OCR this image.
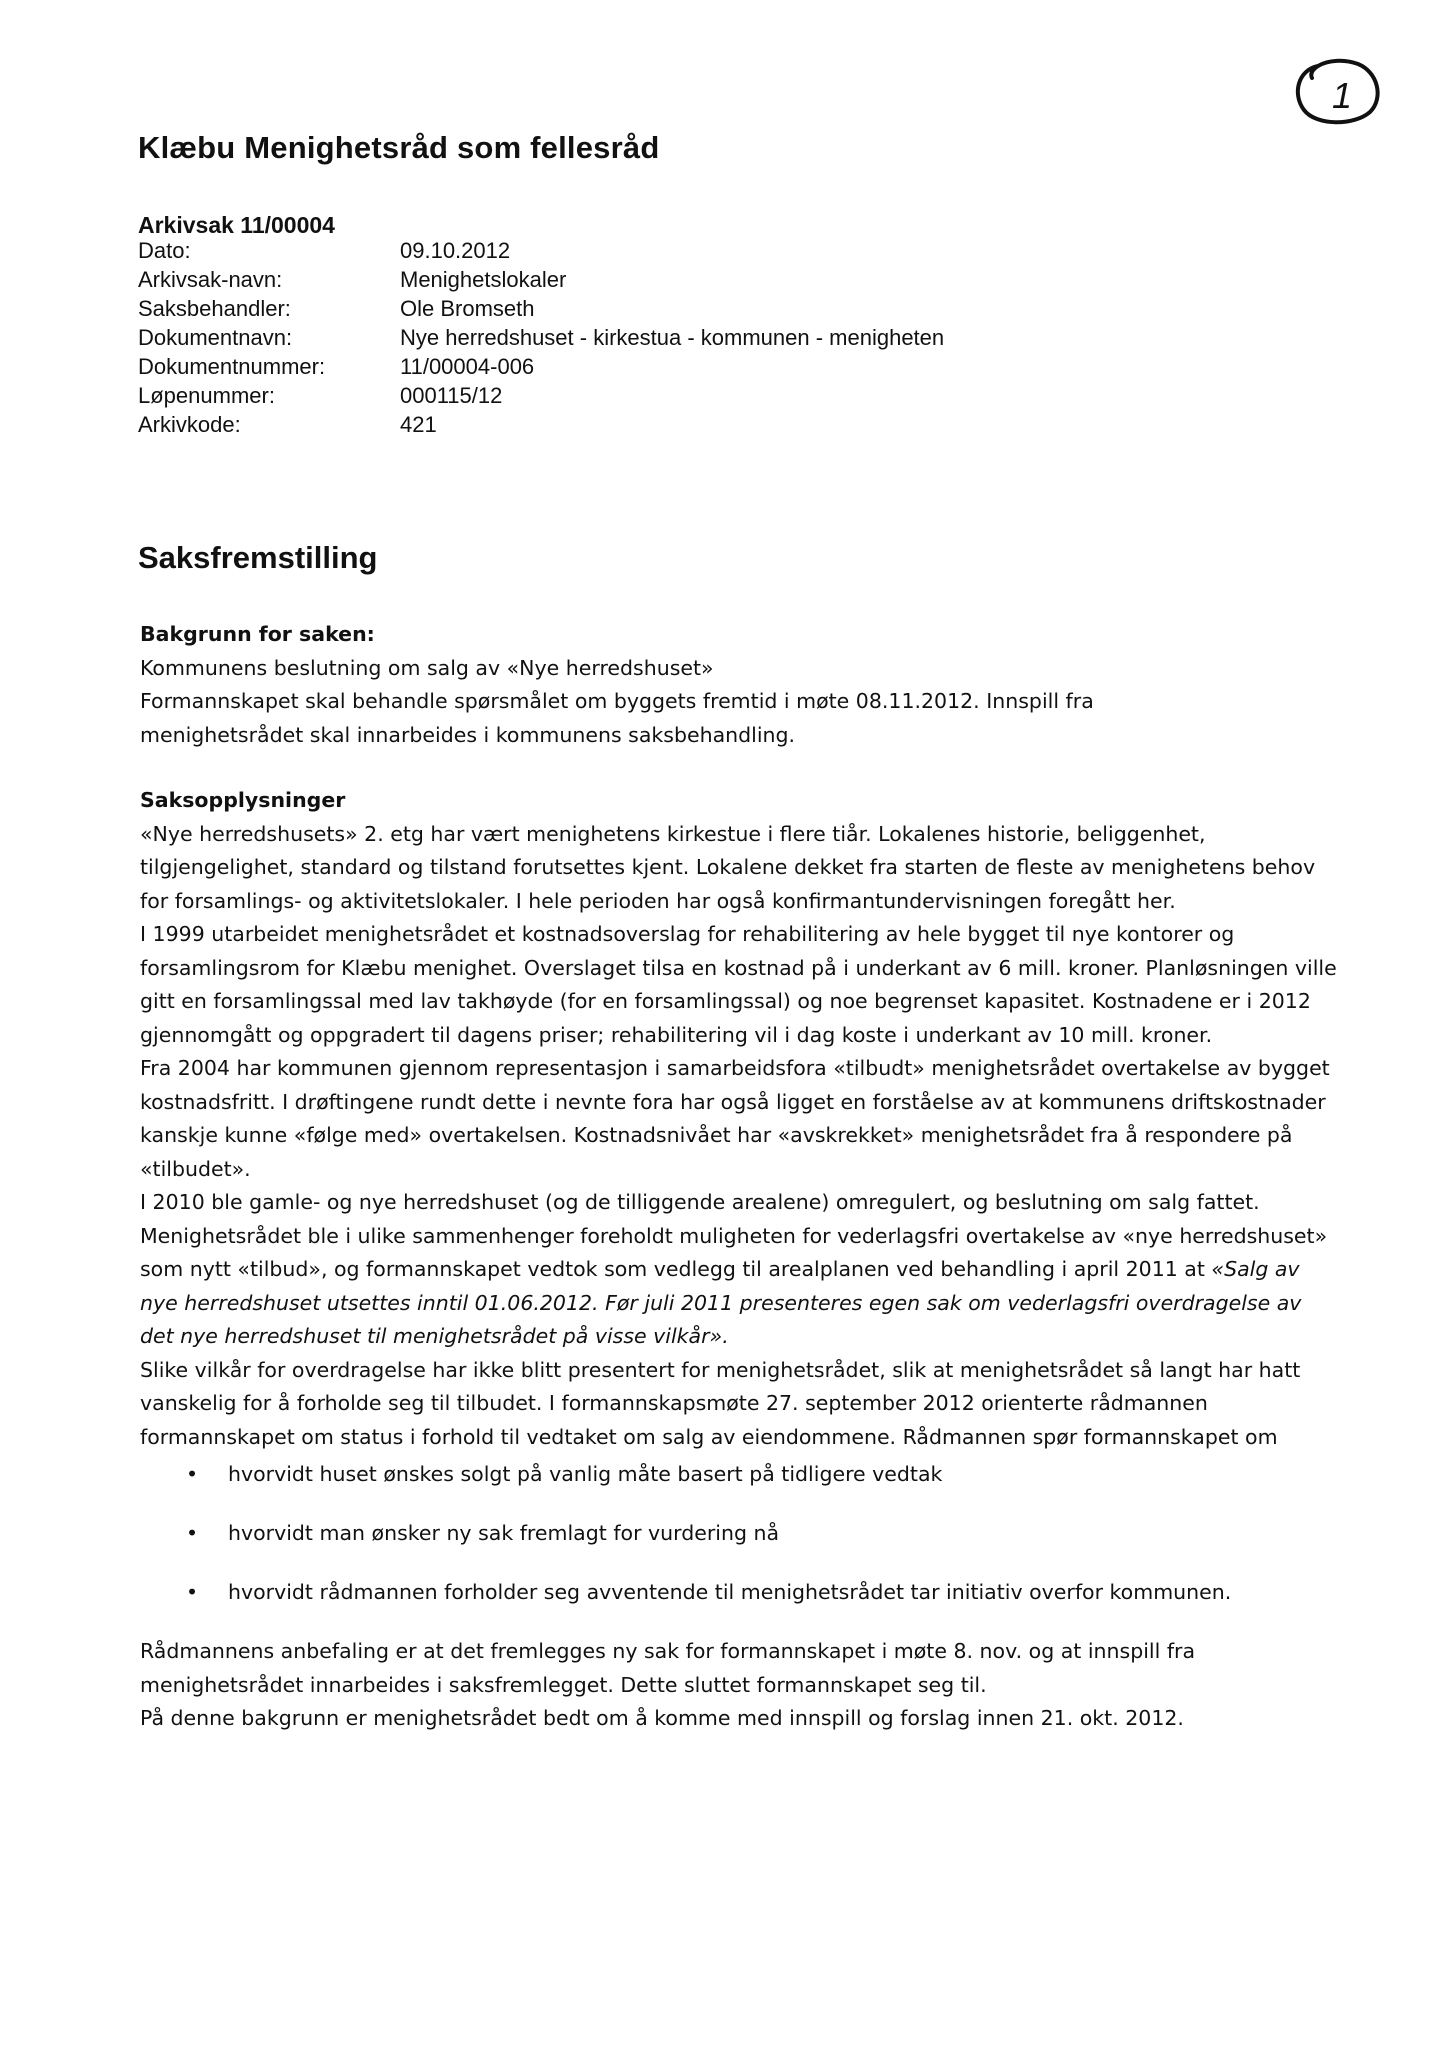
1
Klæbu Menighetsråd som fellesråd
Arkivsak 11/00004
Dato:	09.10.2012
Arkivsak-navn:	Menighetslokaler
Saksbehandler:	Ole Bromseth
Dokumentnavn:	Nye herredshuset - kirkestua - kommunen - menigheten
Dokumentnummer:	11/00004-006
Løpenummer:	000115/12
Arkivkode:	421
Saksfremstilling

Bakgrunn for saken:

Kommunens beslutning om salg av «Nye herredshuset»

Formannskapet skal behandle spørsmålet om byggets fremtid i møte 08.11.2012. Innspill fra

menighetsrådet skal innarbeides i kommunens saksbehandling.

Saksopplysninger

«Nye herredshusets» 2. etg har vært menighetens kirkestue i flere tiår. Lokalenes historie, beliggenhet, tilgjengelighet, standard og tilstand forutsettes kjent. Lokalene dekket fra starten de fleste av menighetens behov for forsamlings- og aktivitetslokaler. I hele perioden har også konfirmantundervisningen foregått her.

I 1999 utarbeidet menighetsrådet et kostnadsoverslag for rehabilitering av hele bygget til nye kontorer og forsamlingsrom for Klæbu menighet. Overslaget tilsa en kostnad på i underkant av 6 mill. kroner. Planløsningen ville gitt en forsamlingssal med lav takhøyde (for en forsamlingssal) og noe begrenset kapasitet. Kostnadene er i 2012 gjennomgått og oppgradert til dagens priser; rehabilitering vil i dag koste i underkant av 10 mill. kroner.

Fra 2004 har kommunen gjennom representasjon i samarbeidsfora «tilbudt» menighetsrådet overtakelse av bygget kostnadsfritt. I drøftingene rundt dette i nevnte fora har også ligget en forståelse av at kommunens driftskostnader kanskje kunne «følge med» overtakelsen. Kostnadsnivået har «avskrekket» menighetsrådet fra å respondere på «tilbudet».

I 2010 ble gamle- og nye herredshuset (og de tilliggende arealene) omregulert, og beslutning om salg fattet.

Menighetsrådet ble i ulike sammenhenger foreholdt muligheten for vederlagsfri overtakelse av «nye herredshuset» som nytt «tilbud», og formannskapet vedtok som vedlegg til arealplanen ved behandling i april 2011 at «Salg av nye herredshuset utsettes inntil 01.06.2012. Før juli 2011 presenteres egen sak om vederlagsfri overdragelse av det nye herredshuset til menighetsrådet på visse vilkår».

Slike vilkår for overdragelse har ikke blitt presentert for menighetsrådet, slik at menighetsrådet så langt har hatt vanskelig for å forholde seg til tilbudet. I formannskapsmøte 27. september 2012 orienterte rådmannen formannskapet om status i forhold til vedtaket om salg av eiendommene. Rådmannen spør formannskapet om

• hvorvidt huset ønskes solgt på vanlig måte basert på tidligere vedtak
• hvorvidt man ønsker ny sak fremlagt for vurdering nå
• hvorvidt rådmannen forholder seg avventende til menighetsrådet tar initiativ overfor kommunen.

Rådmannens anbefaling er at det fremlegges ny sak for formannskapet i møte 8. nov. og at innspill fra menighetsrådet innarbeides i saksfremlegget. Dette sluttet formannskapet seg til.

På denne bakgrunn er menighetsrådet bedt om å komme med innspill og forslag innen 21. okt. 2012.
